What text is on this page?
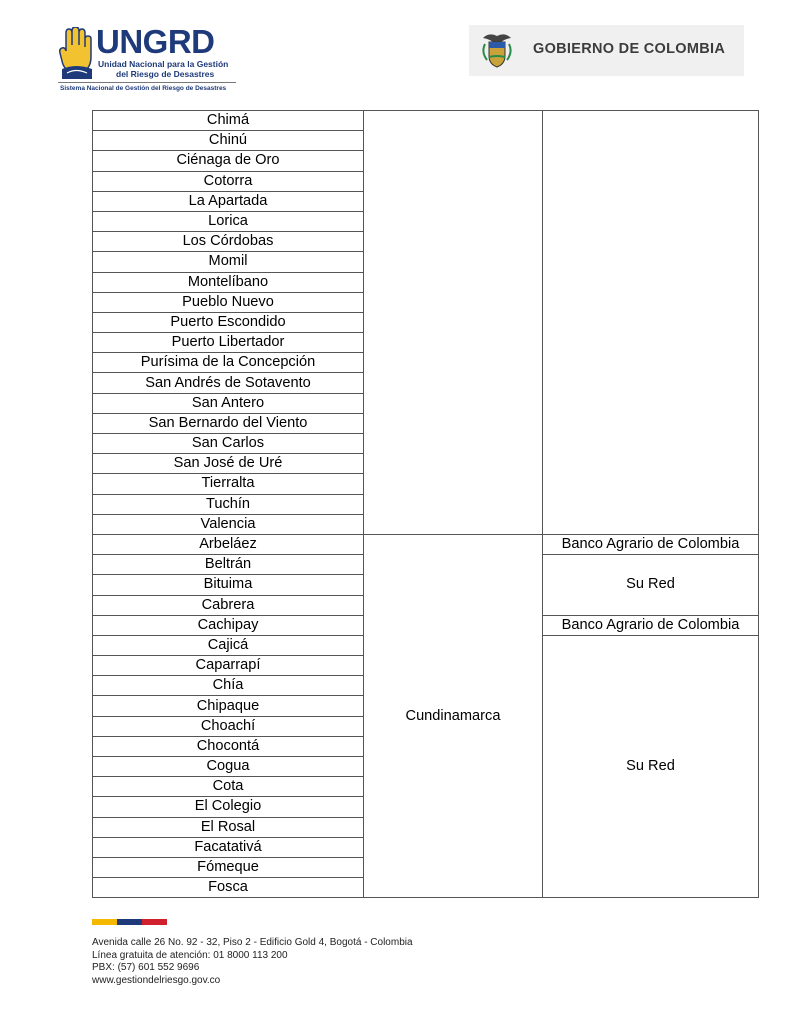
UNGRD
Unidad Nacional para la Gestión
del Riesgo de Desastres
Sistema Nacional de Gestión del Riesgo de Desastres
GOBIERNO DE COLOMBIA
Chimá		
Chinú		
Ciénaga de Oro		
Cotorra		
La Apartada		
Lorica		
Los Córdobas		
Momil		
Montelíbano		
Pueblo Nuevo		
Puerto Escondido		
Puerto Libertador		
Purísima de la Concepción		
San Andrés de Sotavento		
San Antero		
San Bernardo del Viento		
San Carlos		
San José de Uré		
Tierralta		
Tuchín		
Valencia		
Arbeláez	Cundinamarca	Banco Agrario de Colombia
Beltrán		Su Red
Bituima		
Cabrera		
Cachipay		Banco Agrario de Colombia
Cajicá		Su Red
Caparrapí		
Chía		
Chipaque		
Choachí		
Chocontá		
Cogua		
Cota		
El Colegio		
El Rosal		
Facatativá		
Fómeque		
Fosca		
Avenida calle 26 No. 92 - 32, Piso 2 - Edificio Gold 4, Bogotá - Colombia
Línea gratuita de atención: 01 8000 113 200
PBX: (57) 601 552 9696
www.gestiondelriesgo.gov.co
